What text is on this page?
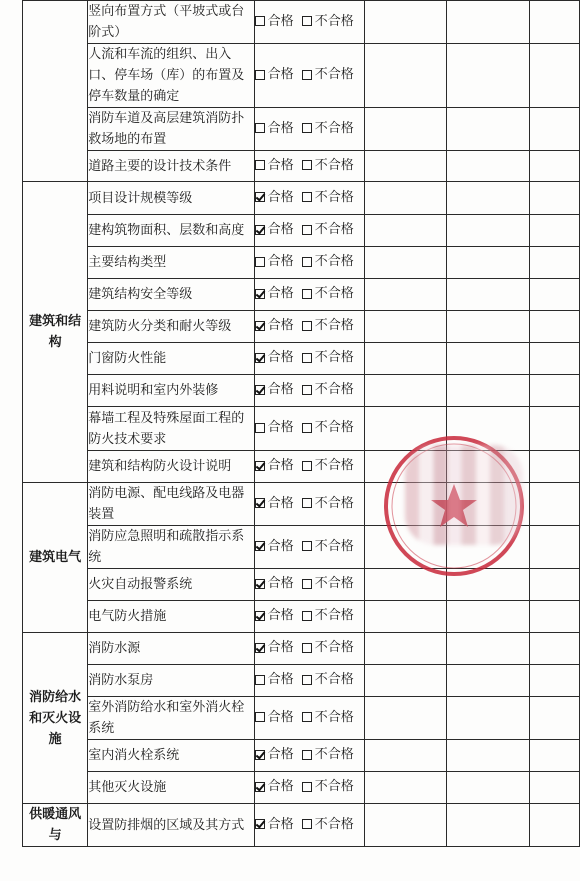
	竖向布置方式（平坡式或台阶式）	合格 不合格			

	人流和车流的组织、出入口、停车场（库）的布置及停车数量的确定	合格 不合格			

	消防车道及高层建筑消防扑救场地的布置	合格 不合格			

	道路主要的设计技术条件	合格 不合格			

建筑和结构	项目设计规模等级	合格 不合格			

	建构筑物面积、层数和高度	合格 不合格			

	主要结构类型	合格 不合格			

	建筑结构安全等级	合格 不合格			

	建筑防火分类和耐火等级	合格 不合格			

	门窗防火性能	合格 不合格			

	用料说明和室内外装修	合格 不合格			

	幕墙工程及特殊屋面工程的防火技术要求	合格 不合格			

	建筑和结构防火设计说明	合格 不合格			

建筑电气	消防电源、配电线路及电器装置	合格 不合格			

	消防应急照明和疏散指示系统	合格 不合格			

	火灾自动报警系统	合格 不合格			

	电气防火措施	合格 不合格			

消防给水和灭火设施	消防水源	合格 不合格			

	消防水泵房	合格 不合格			

	室外消防给水和室外消火栓系统	合格 不合格			

	室内消火栓系统	合格 不合格			

	其他灭火设施	合格 不合格			

供暖通风与	设置防排烟的区域及其方式	合格 不合格			
